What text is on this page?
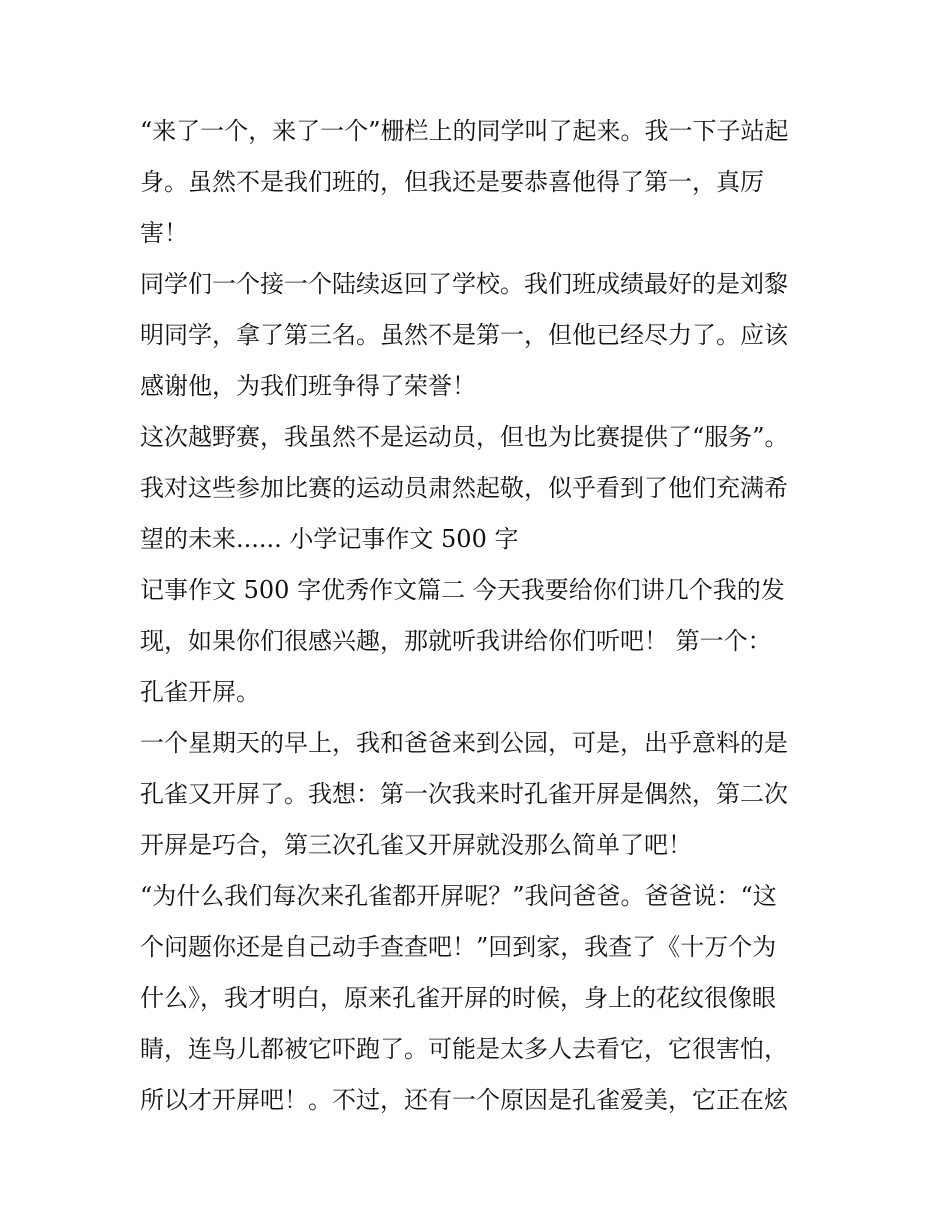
“来了一个，来了一个”栅栏上的同学叫了起来。我一下子站起
身。虽然不是我们班的，但我还是要恭喜他得了第一，真厉
害！
同学们一个接一个陆续返回了学校。我们班成绩最好的是刘黎
明同学，拿了第三名。虽然不是第一，但他已经尽力了。应该
感谢他，为我们班争得了荣誉！
这次越野赛，我虽然不是运动员，但也为比赛提供了“服务”。
我对这些参加比赛的运动员肃然起敬，似乎看到了他们充满希
望的未来...... 小学记事作文 500 字
记事作文 500 字优秀作文篇二 今天我要给你们讲几个我的发
现，如果你们很感兴趣，那就听我讲给你们听吧！ 第一个：
孔雀开屏。
一个星期天的早上，我和爸爸来到公园，可是，出乎意料的是
孔雀又开屏了。我想：第一次我来时孔雀开屏是偶然，第二次
开屏是巧合，第三次孔雀又开屏就没那么简单了吧！
“为什么我们每次来孔雀都开屏呢？”我问爸爸。爸爸说：“这
个问题你还是自己动手查查吧！”回到家，我查了《十万个为
什么》，我才明白，原来孔雀开屏的时候，身上的花纹很像眼
睛，连鸟儿都被它吓跑了。可能是太多人去看它，它很害怕，
所以才开屏吧！。不过，还有一个原因是孔雀爱美，它正在炫
